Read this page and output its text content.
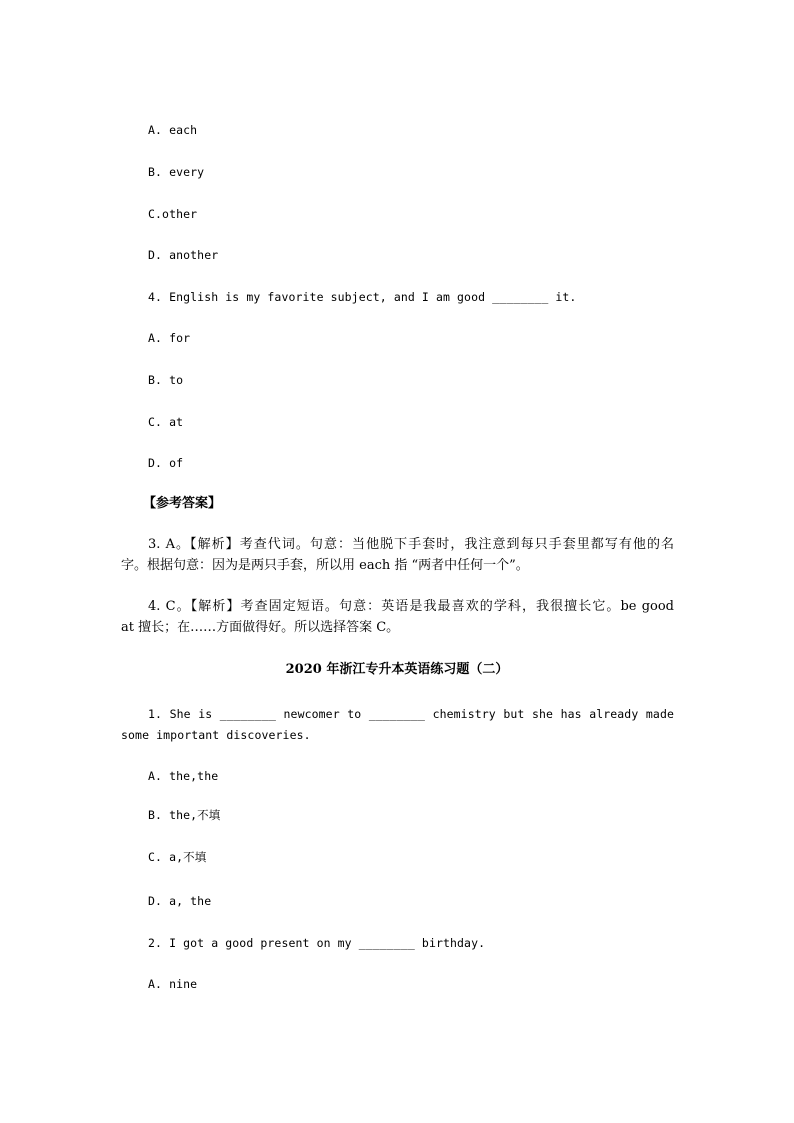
A. each
B. every
C.other
D. another
4. English is my favorite subject, and I am good ________ it.
A. for
B. to
C. at
D. of
【参考答案】
3. A。【解析】考查代词。句意：当他脱下手套时，我注意到每只手套里都写有他的名
字。根据句意：因为是两只手套，所以用 each 指 “两者中任何一个”。
4. C。【解析】考查固定短语。句意：英语是我最喜欢的学科，我很擅长它。be good
at 擅长；在……方面做得好。所以选择答案 C。
2020 年浙江专升本英语练习题（二）
1. She is ________ newcomer to ________ chemistry but she has already made
some important discoveries.
A. the,the
B. the,不填
C. a,不填
D. a, the
2. I got a good present on my ________ birthday.
A. nine
